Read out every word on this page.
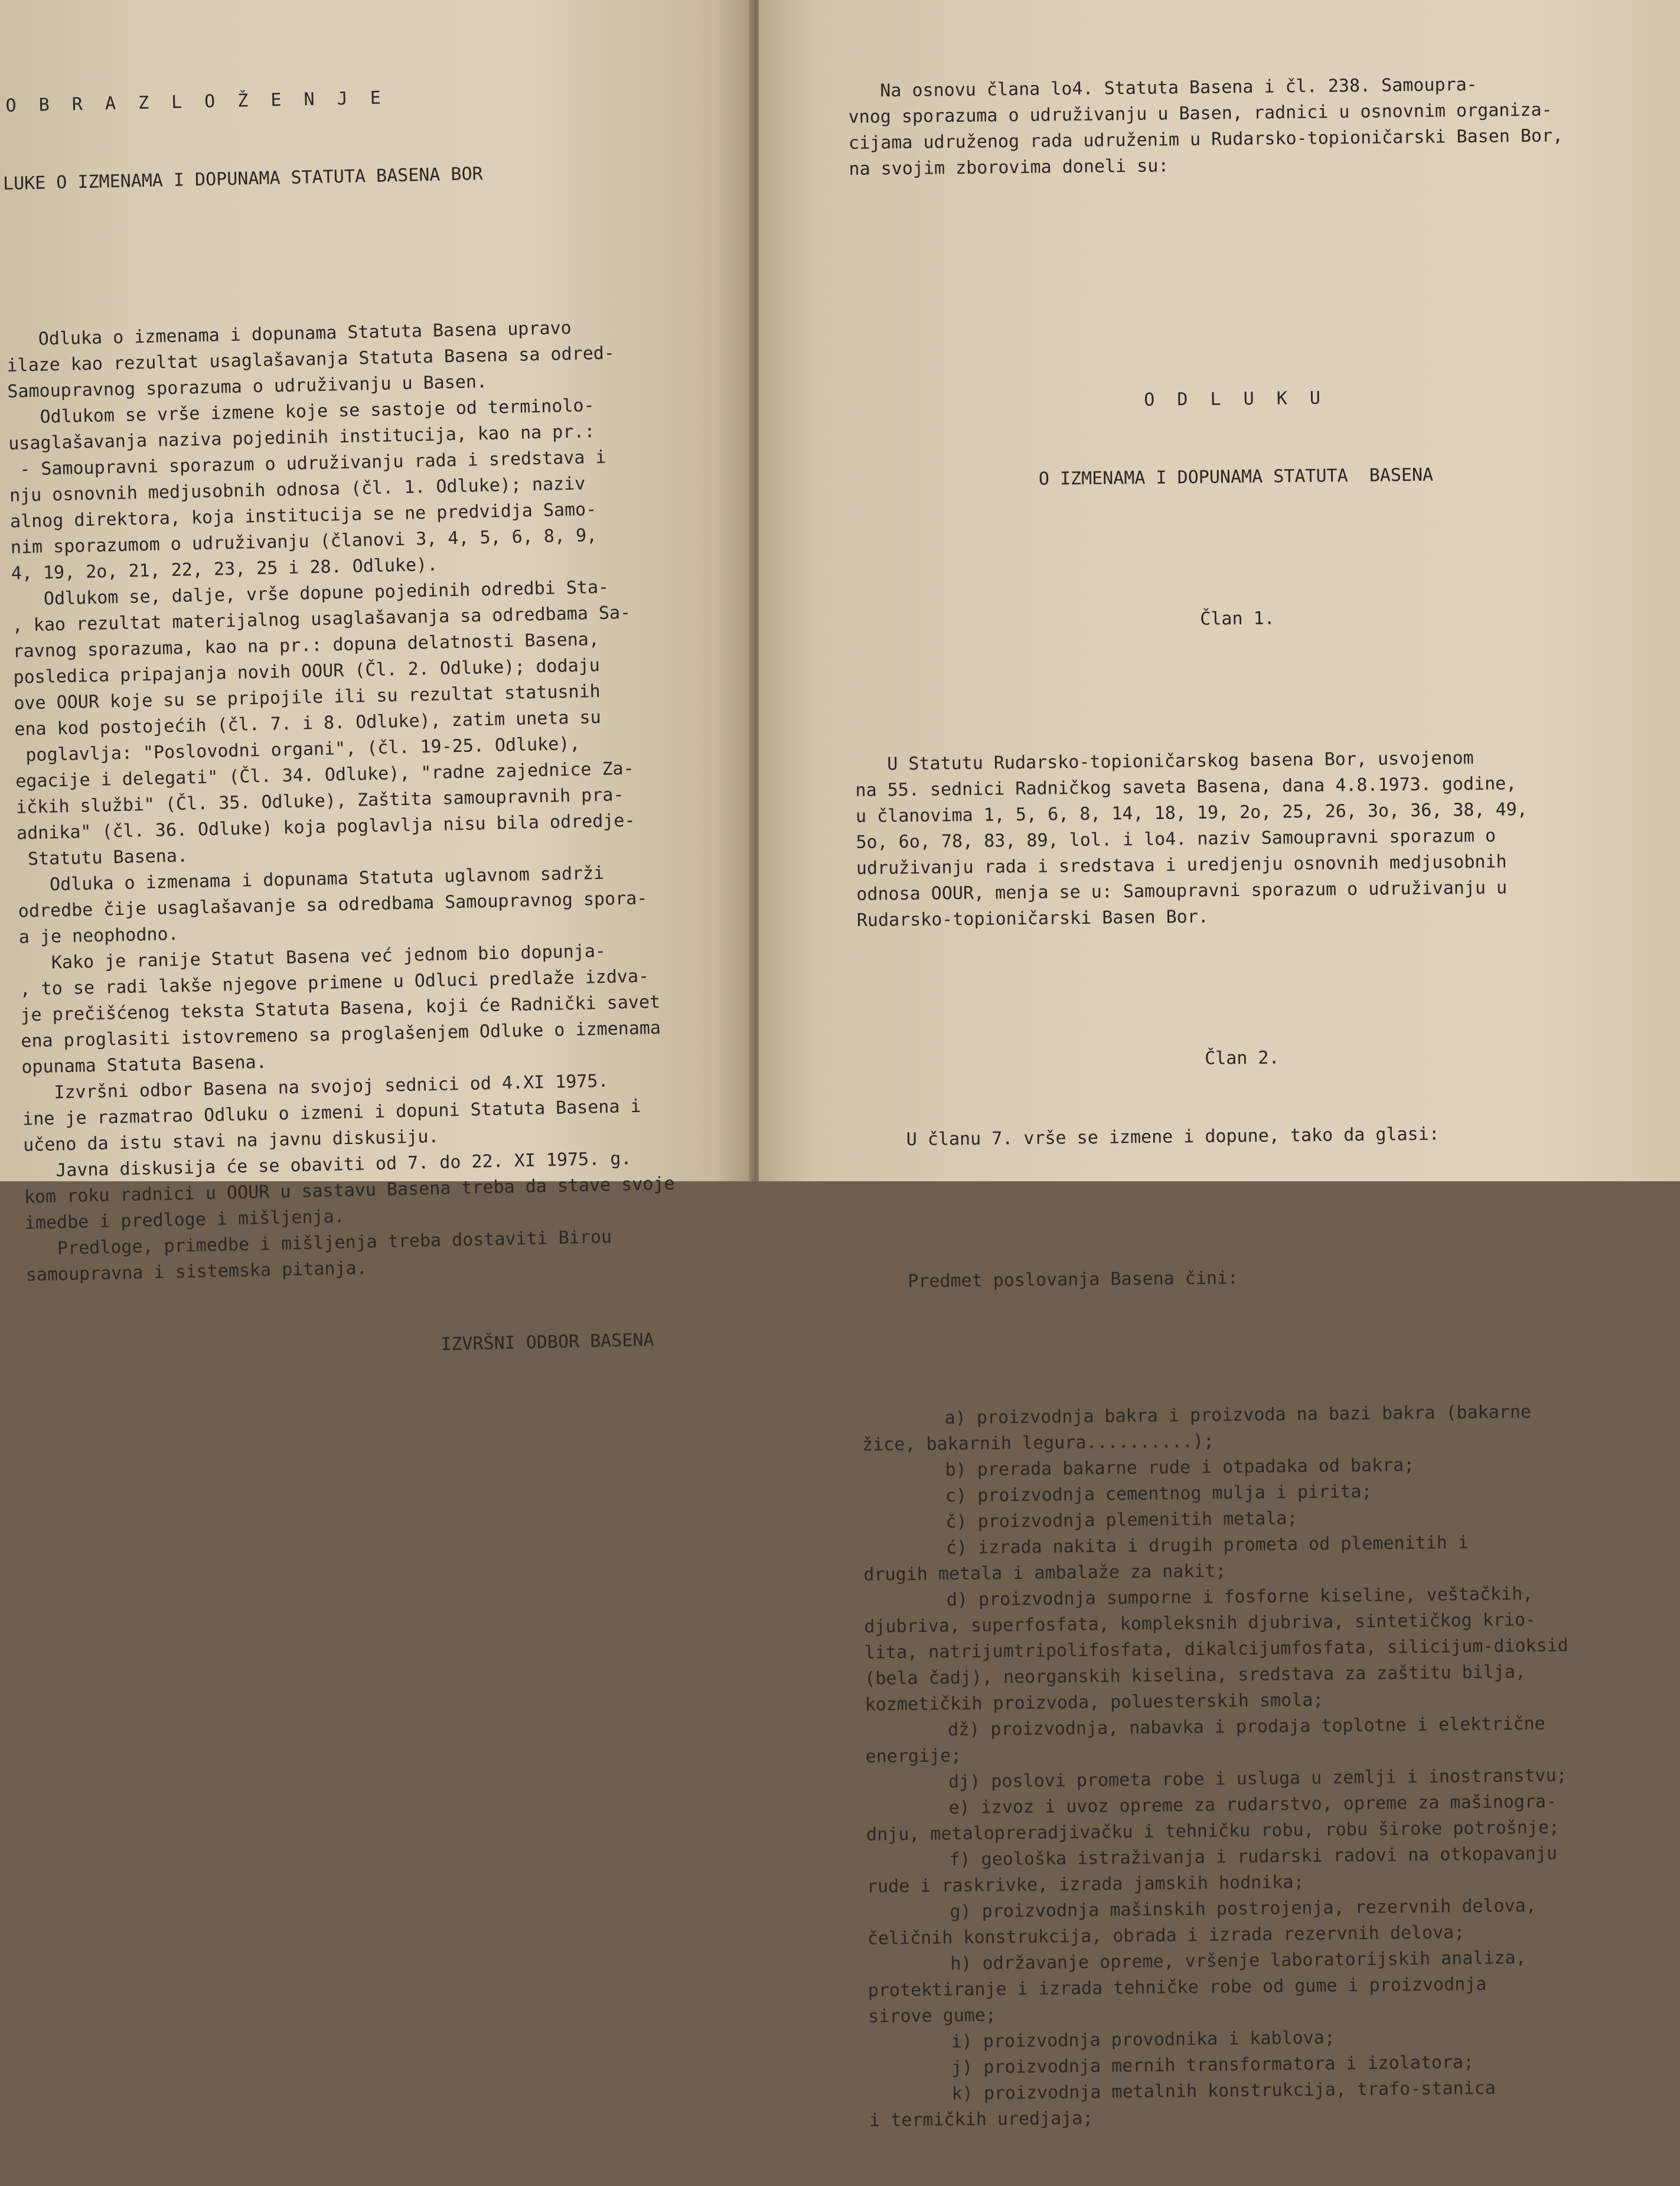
O B R A Z L O Ž E N J E

LUKE O IZMENAMA I DOPUNAMA STATUTA BASENA BOR

Odluka o izmenama i dopunama Statuta Basena upravo
ilaze kao rezultat usaglašavanja Statuta Basena sa odred-
Samoupravnog sporazuma o udruživanju u Basen.
Odlukom se vrše izmene koje se sastoje od terminolo-
usaglašavanja naziva pojedinih institucija, kao na pr.:
- Samoupravni sporazum o udruživanju rada i sredstava i
nju osnovnih medjusobnih odnosa (čl. 1. Odluke); naziv
alnog direktora, koja institucija se ne predvidja Samo-
nim sporazumom o udruživanju (članovi 3, 4, 5, 6, 8, 9,
4, 19, 2o, 21, 22, 23, 25 i 28. Odluke).
Odlukom se, dalje, vrše dopune pojedinih odredbi Sta-
, kao rezultat materijalnog usaglašavanja sa odredbama Sa-
ravnog sporazuma, kao na pr.: dopuna delatnosti Basena,
posledica pripajanja novih OOUR (Čl. 2. Odluke); dodaju
ove OOUR koje su se pripojile ili su rezultat statusnih
ena kod postojećih (čl. 7. i 8. Odluke), zatim uneta su
poglavlja: "Poslovodni organi", (čl. 19-25. Odluke),
egacije i delegati" (Čl. 34. Odluke), "radne zajednice Za-
ičkih službi" (Čl. 35. Odluke), Zaštita samoupravnih pra-
adnika" (čl. 36. Odluke) koja poglavlja nisu bila odredje-
Statutu Basena.
Odluka o izmenama i dopunama Statuta uglavnom sadrži
odredbe čije usaglašavanje sa odredbama Samoupravnog spora-
a je neophodno.
Kako je ranije Statut Basena već jednom bio dopunja-
, to se radi lakše njegove primene u Odluci predlaže izdva-
je prečišćenog teksta Statuta Basena, koji će Radnički savet
ena proglasiti istovremeno sa proglašenjem Odluke o izmenama
opunama Statuta Basena.
Izvršni odbor Basena na svojoj sednici od 4.XI 1975.
ine je razmatrao Odluku o izmeni i dopuni Statuta Basena i
učeno da istu stavi na javnu diskusiju.
Javna diskusija će se obaviti od 7. do 22. XI 1975. g.
kom roku radnici u OOUR u sastavu Basena treba da stave svoje
imedbe i predloge i mišljenja.
Predloge, primedbe i mišljenja treba dostaviti Birou
samoupravna i sistemska pitanja.

IZVRŠNI ODBOR BASENA

Na osnovu člana lo4. Statuta Basena i čl. 238. Samoupra-
vnog sporazuma o udruživanju u Basen, radnici u osnovnim organiza-
cijama udruženog rada udruženim u Rudarsko-topioničarski Basen Bor,
na svojim zborovima doneli su:

O D L U K U

O IZMENAMA I DOPUNAMA STATUTA  BASENA

Član 1.

U Statutu Rudarsko-topioničarskog basena Bor, usvojenom
na 55. sednici Radničkog saveta Basena, dana 4.8.1973. godine,
u članovima 1, 5, 6, 8, 14, 18, 19, 2o, 25, 26, 3o, 36, 38, 49,
5o, 6o, 78, 83, 89, lol. i lo4. naziv Samoupravni sporazum o
udruživanju rada i sredstava i uredjenju osnovnih medjusobnih
odnosa OOUR, menja se u: Samoupravni sporazum o udruživanju u
Rudarsko-topioničarski Basen Bor.

Član 2.

U članu 7. vrše se izmene i dopune, tako da glasi:

Predmet poslovanja Basena čini:

a) proizvodnja bakra i proizvoda na bazi bakra (bakarne
žice, bakarnih legura..........);
b) prerada bakarne rude i otpadaka od bakra;
c) proizvodnja cementnog mulja i pirita;
č) proizvodnja plemenitih metala;
ć) izrada nakita i drugih prometa od plemenitih i
drugih metala i ambalaže za nakit;
d) proizvodnja sumporne i fosforne kiseline, veštačkih,
djubriva, superfosfata, kompleksnih djubriva, sintetičkog krio-
lita, natrijumtripolifosfata, dikalcijumfosfata, silicijum-dioksid
(bela čadj), neorganskih kiselina, sredstava za zaštitu bilja,
kozmetičkih proizvoda, poluesterskih smola;
dž) proizvodnja, nabavka i prodaja toplotne i električne
energije;
dj) poslovi prometa robe i usluga u zemlji i inostranstvu;
e) izvoz i uvoz opreme za rudarstvo, opreme za mašinogra-
dnju, metalopreradjivačku i tehničku robu, robu široke potrošnje;
f) geološka istraživanja i rudarski radovi na otkopavanju
rude i raskrivke, izrada jamskih hodnika;
g) proizvodnja mašinskih postrojenja, rezervnih delova,
čeličnih konstrukcija, obrada i izrada rezervnih delova;
h) održavanje opreme, vršenje laboratorijskih analiza,
protektiranje i izrada tehničke robe od gume i proizvodnja
sirove gume;
i) proizvodnja provodnika i kablova;
j) proizvodnja mernih transformatora i izolatora;
k) proizvodnja metalnih konstrukcija, trafo-stanica
i termičkih uredjaja;
